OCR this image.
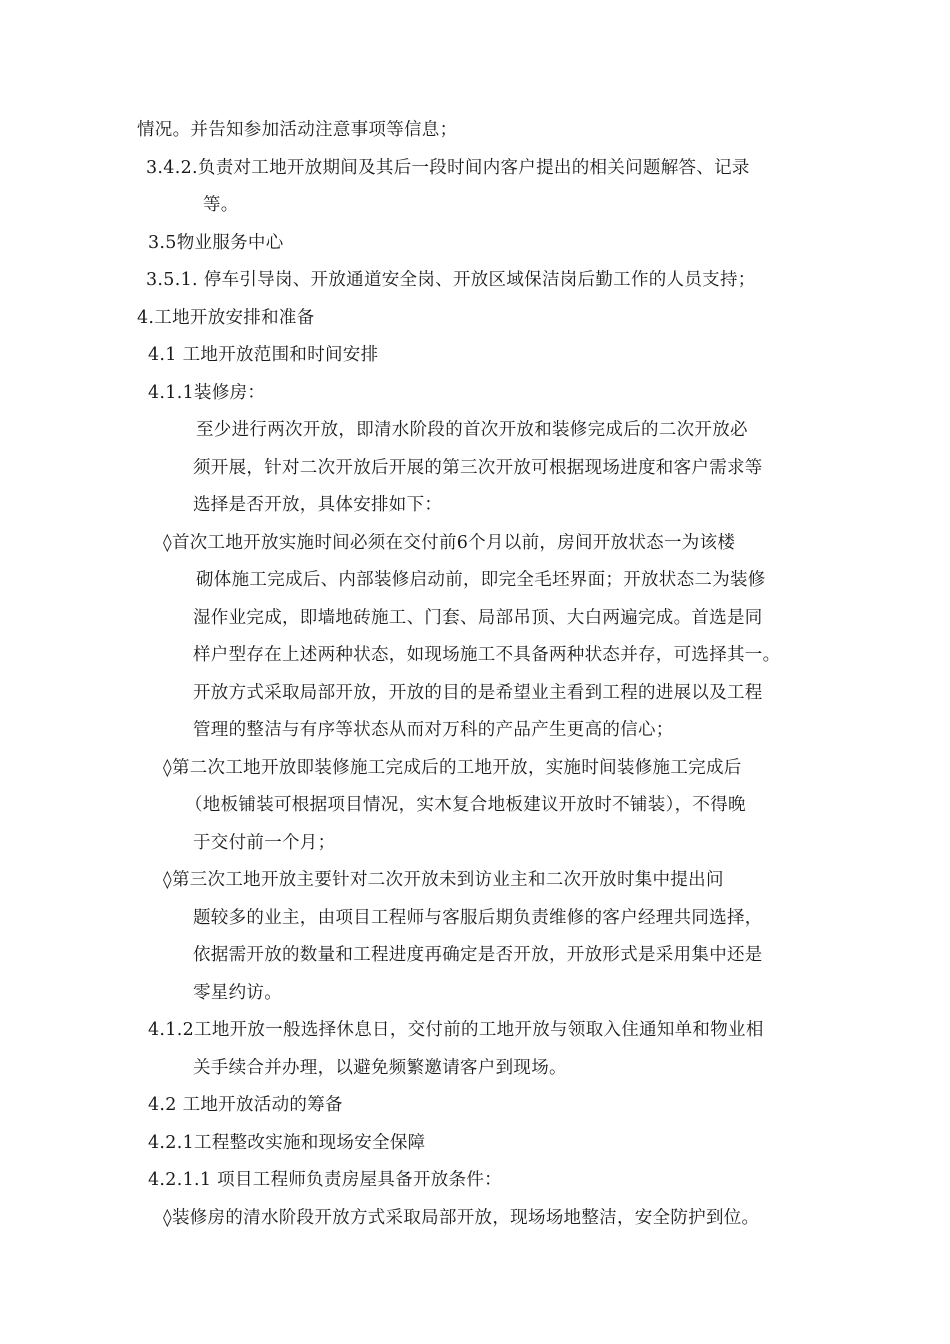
情况。并告知参加活动注意事项等信息；
3.4.2.负责对工地开放期间及其后一段时间内客户提出的相关问题解答、记录
等。
3.5物业服务中心
3.5.1. 停车引导岗、开放通道安全岗、开放区域保洁岗后勤工作的人员支持；
4.工地开放安排和准备
4.1 工地开放范围和时间安排
4.1.1装修房：
至少进行两次开放，即清水阶段的首次开放和装修完成后的二次开放必
须开展，针对二次开放后开展的第三次开放可根据现场进度和客户需求等
选择是否开放，具体安排如下：
◊首次工地开放实施时间必须在交付前6个月以前，房间开放状态一为该楼
砌体施工完成后、内部装修启动前，即完全毛坯界面；开放状态二为装修
湿作业完成，即墙地砖施工、门套、局部吊顶、大白两遍完成。首选是同
样户型存在上述两种状态，如现场施工不具备两种状态并存，可选择其一。
开放方式采取局部开放，开放的目的是希望业主看到工程的进展以及工程
管理的整洁与有序等状态从而对万科的产品产生更高的信心；
◊第二次工地开放即装修施工完成后的工地开放，实施时间装修施工完成后
（地板铺装可根据项目情况，实木复合地板建议开放时不铺装），不得晚
于交付前一个月；
◊第三次工地开放主要针对二次开放未到访业主和二次开放时集中提出问
题较多的业主，由项目工程师与客服后期负责维修的客户经理共同选择，
依据需开放的数量和工程进度再确定是否开放，开放形式是采用集中还是
零星约访。
4.1.2工地开放一般选择休息日，交付前的工地开放与领取入住通知单和物业相
关手续合并办理，以避免频繁邀请客户到现场。
4.2 工地开放活动的筹备
4.2.1工程整改实施和现场安全保障
4.2.1.1 项目工程师负责房屋具备开放条件：
◊装修房的清水阶段开放方式采取局部开放，现场场地整洁，安全防护到位。
